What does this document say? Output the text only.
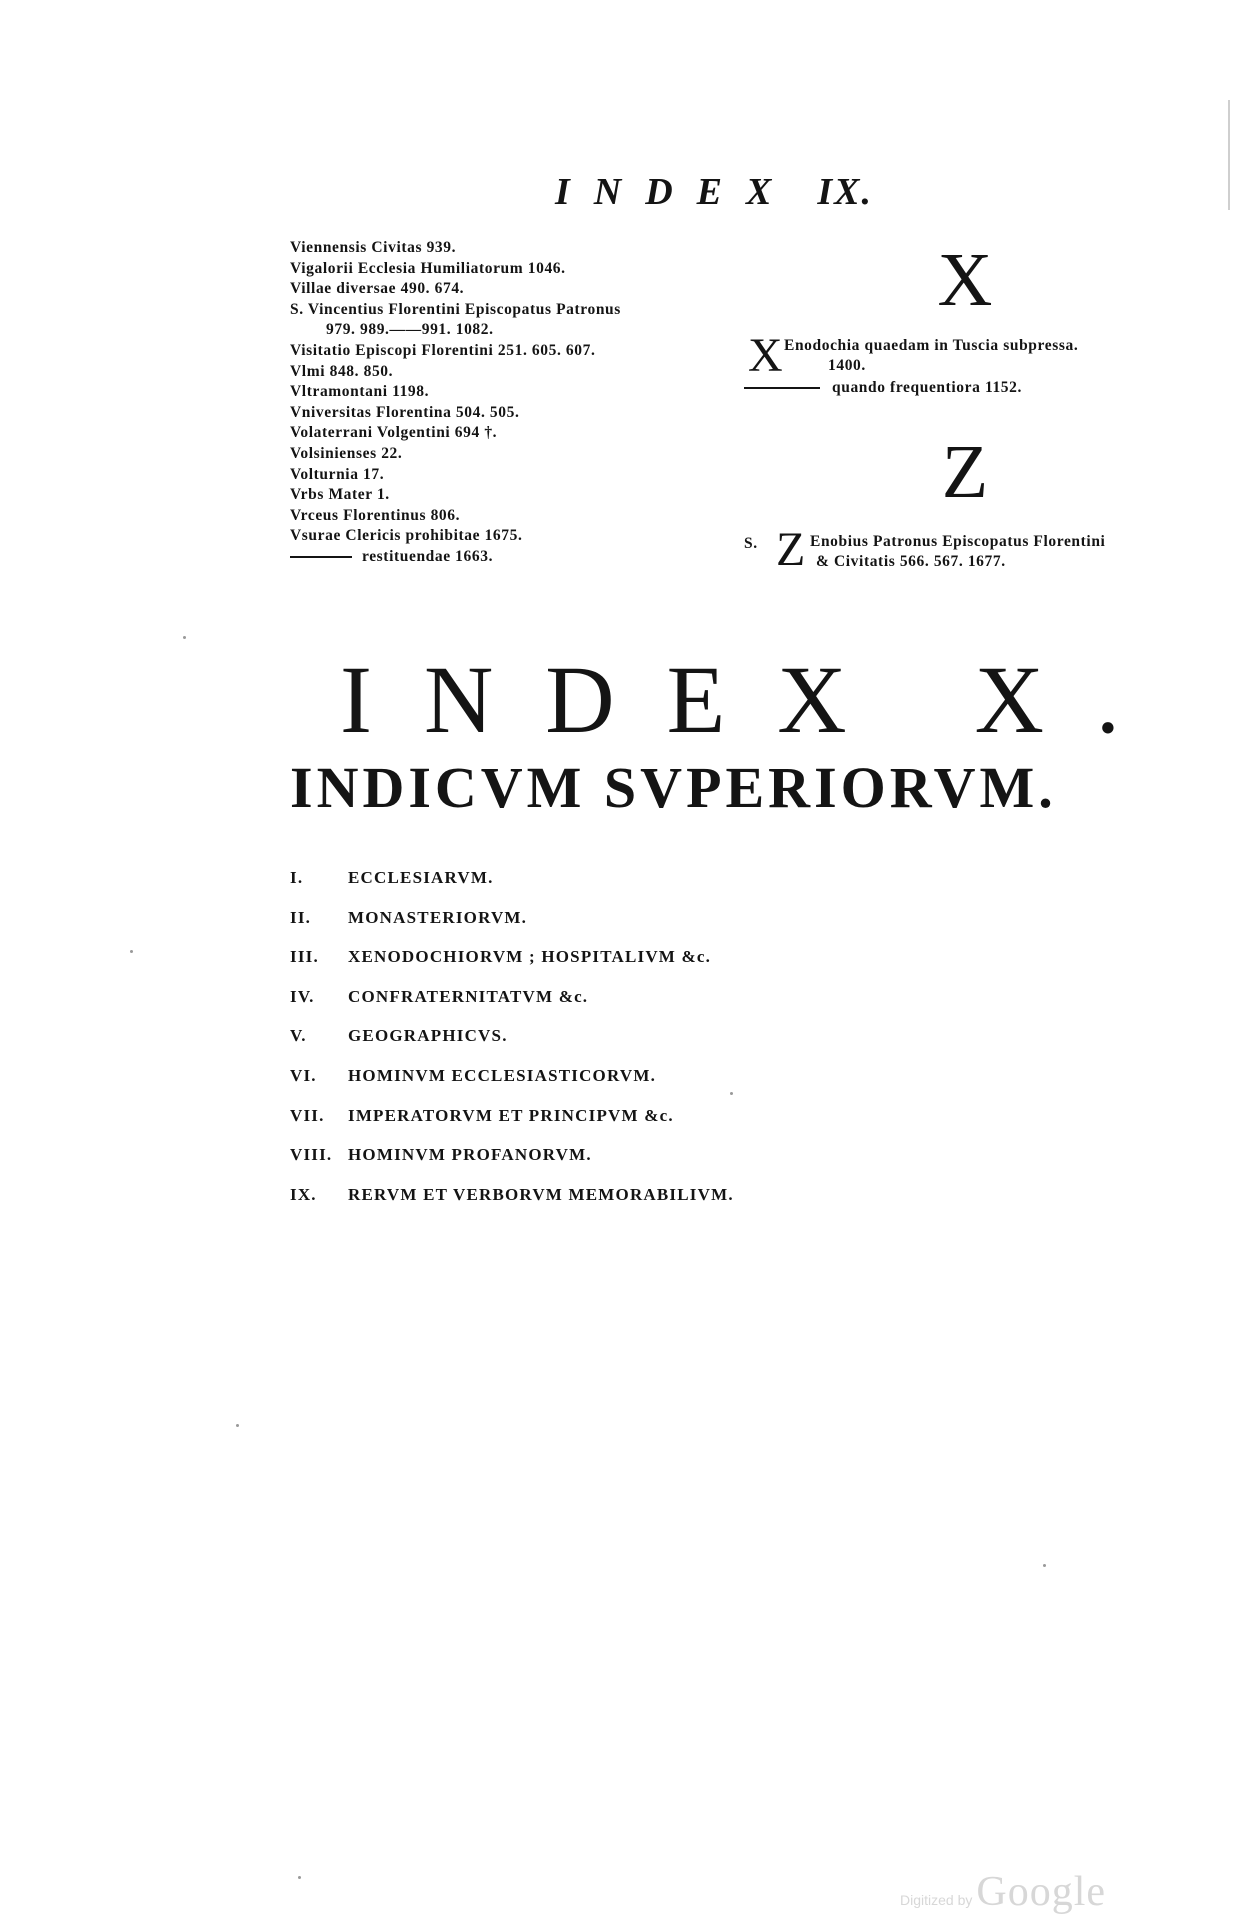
INDEX IX.
Viennensis Civitas 939.
Vigalorii Ecclesia Humiliatorum 1046.
Villae diversae 490. 674.
S. Vincentius Florentini Episcopatus Patronus
979. 989.——991. 1082.
Visitatio Episcopi Florentini 251. 605. 607.
Vlmi 848. 850.
Vltramontani 1198.
Vniversitas Florentina 504. 505.
Volaterrani Volgentini 694 †.
Volsinienses 22.
Volturnia 17.
Vrbs Mater 1.
Vrceus Florentinus 806.
Vsurae Clericis prohibitae 1675.
restituendae 1663.
X
X Enodochia quaedam in Tuscia subpressa.
1400.
quando frequentiora 1152.
Z
S. Z Enobius Patronus Episcopatus Florentini
& Civitatis 566. 567. 1677.
INDEX X.
INDICVM SVPERIORVM.
I.	ECCLESIARVM.
II. MONASTERIORVM.
III. XENODOCHIORVM ; HOSPITALIVM &c.
IV. CONFRATERNITATVM &c.
V. GEOGRAPHICVS.
VI. HOMINVM ECCLESIASTICORVM.
VII. IMPERATORVM ET PRINCIPVM &c.
VIII. HOMINVM PROFANORVM.
IX. RERVM ET VERBORVM MEMORABILIVM.
Digitized by Google
